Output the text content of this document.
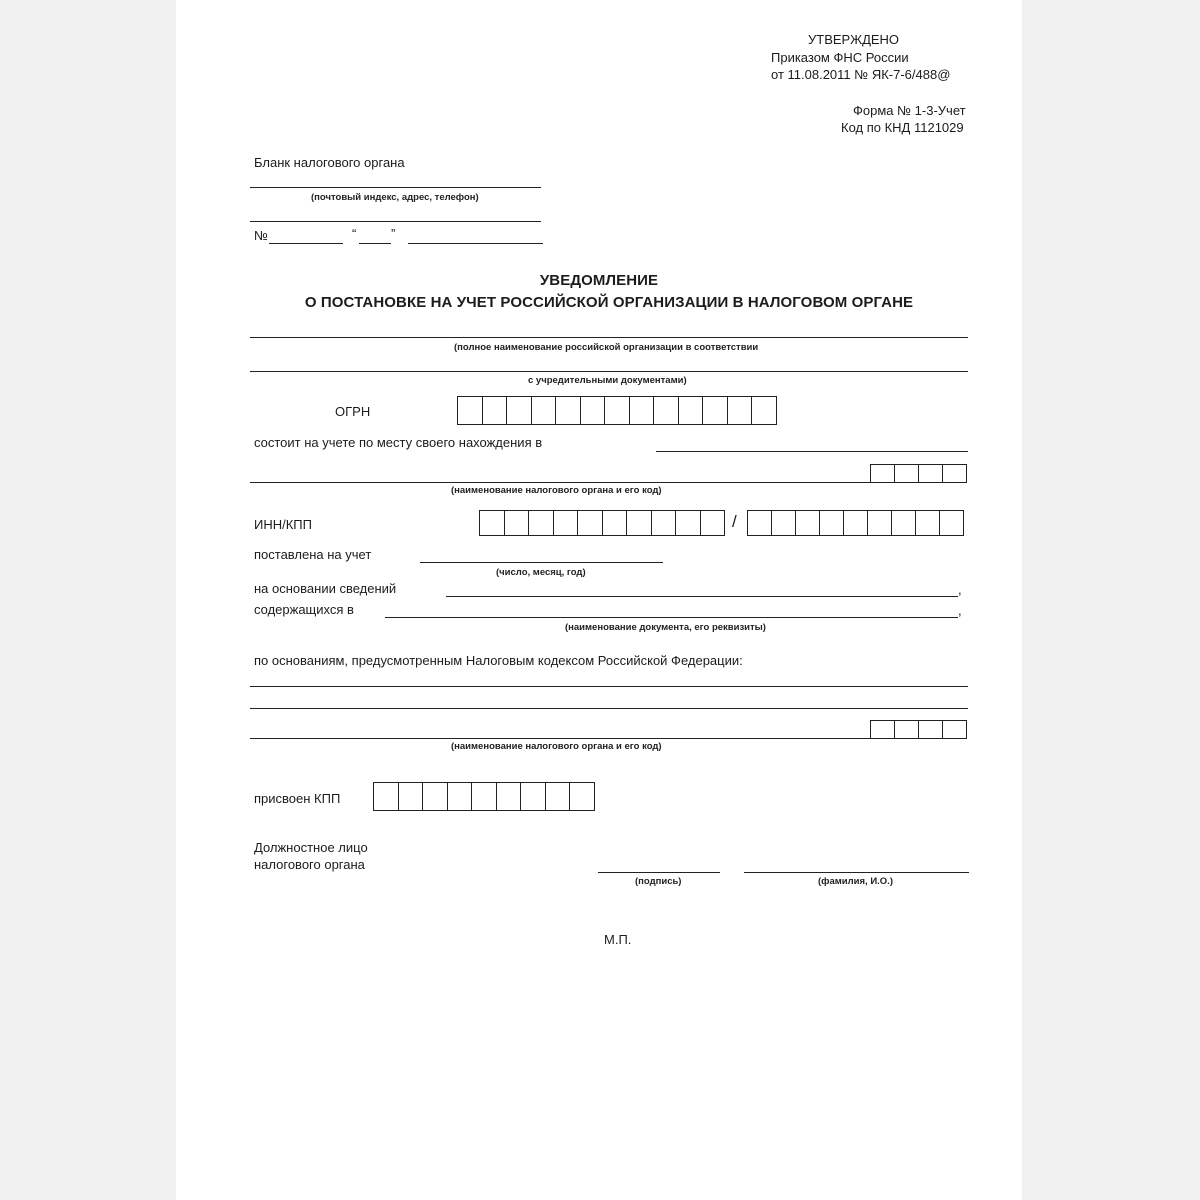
УТВЕРЖДЕНО
Приказом ФНС России
от 11.08.2011 № ЯК-7-6/488@
Форма № 1-3-Учет
Код по КНД 1121029
Бланк налогового органа
(почтовый индекс, адрес, телефон)
№	“	”
УВЕДОМЛЕНИЕ
О ПОСТАНОВКЕ НА УЧЕТ РОССИЙСКОЙ ОРГАНИЗАЦИИ В НАЛОГОВОМ ОРГАНЕ
(полное наименование российской организации в соответствии
с учредительными документами)
ОГРН
состоит на учете по месту своего нахождения в
(наименование налогового органа и его код)
ИНН/КПП	/
поставлена на учет
(число, месяц, год)
на основании сведений	,
содержащихся в	,
(наименование документа, его реквизиты)
по основаниям, предусмотренным Налоговым кодексом Российской Федерации:
(наименование налогового органа и его код)
присвоен КПП
Должностное лицо
налогового органа
(подпись)	(фамилия, И.О.)
М.П.
